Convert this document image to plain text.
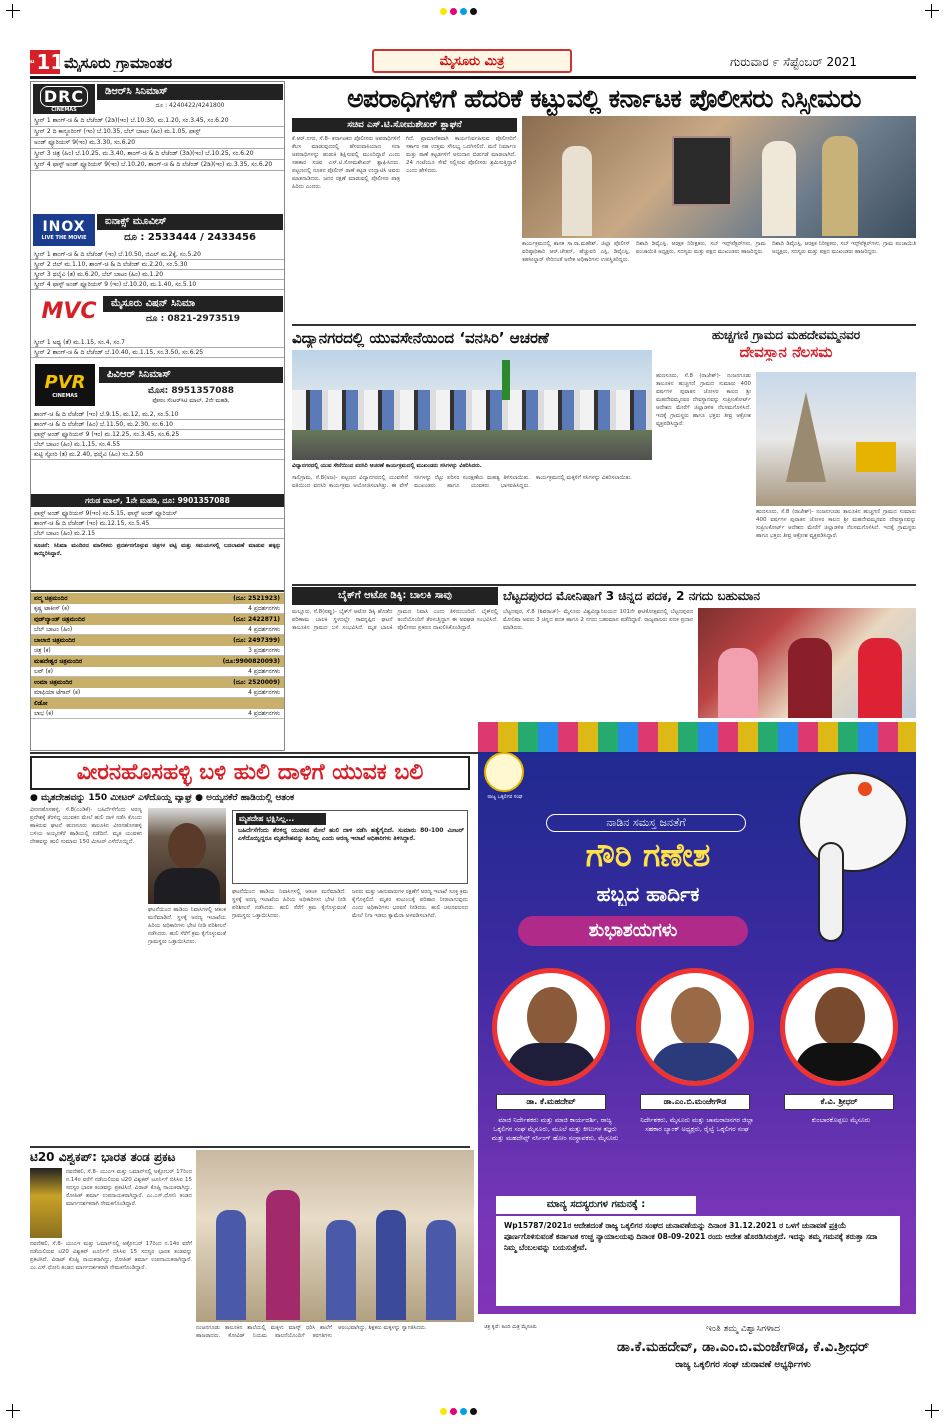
ಪುಟ 11 ಮೈಸೂರು ಗ್ರಾಮಾಂತರ	ಮೈಸೂರು ಮಿತ್ರ	ಗುರುವಾರ ೯ ಸೆಪ್ಟೆಂಬರ್ 2021
DRC
CINEMAS
ಡಿಆರ್‌ಸಿ ಸಿನಿಮಾಸ್
ದೂ : 4240422/4241800
ಸ್ಕ್ರೀನ್ 1 ಶಾಂಗ್-ಚಿ & ದಿ ಲೆಜೆಂಡ್ (2ಡಿ)(ಇಂ) ಬೆ.10.30, ಮ.1.20, ಸಂ.3.45, ಸಂ.6.20
ಸ್ಕ್ರೀನ್ 2 ದಿ ಕಾನ್ಜೂರಿಂಗ್ (ಇಂ) ಬೆ.10.35, ಬೆಲ್ ಬಾಟಂ (ಹಿಂ) ಮ.1.05, ಫಾಸ್ಟ್
ಅಂಡ್ ಫ್ಯೂರಿಯಸ್ 9(ಇಂ) ಮ.3.30, ಸಂ.6.20
ಸ್ಕ್ರೀನ್ 3 ಚಿತ್ರ (ಹಿಂ) ಬೆ.10.25, ಮ.3.40, ಶಾಂಗ್-ಚಿ & ದಿ ಲೆಜೆಂಡ್ (3ಡಿ)(ಇಂ) ಬೆ.10.25, ಸಂ.6.20
ಸ್ಕ್ರೀನ್ 4 ಫಾಸ್ಟ್ ಅಂಡ್ ಫ್ಯೂರಿಯಸ್ 9(ಇಂ) ಬೆ.10.20, ಶಾಂಗ್-ಚಿ & ದಿ ಲೆಜೆಂಡ್ (2ಡಿ)(ಇಂ) ಮ.3.35, ಸಂ.6.20
INOX
LIVE THE MOVIE
ಐನಾಕ್ಸ್ ಮೂವೀಸ್
ದೂ : 2533444 / 2433456
ಸ್ಕ್ರೀನ್ 1 ಶಾಂಗ್-ಚಿ & ದಿ ಲೆಜೆಂಡ್ (ಇಂ) ಬೆ.10.50, ಜಿಎಲ್ ಮ.2ಕ್ಕೆ, ಸಂ.5.20
ಸ್ಕ್ರೀನ್ 2 ಜಿಲ್ ಮ.1.10, ಶಾಂಗ್-ಚಿ & ದಿ ಲೆಜೆಂಡ್ ಮ.2.20, ಸಂ.5.30
ಸ್ಕ್ರೀನ್ 3 ಥಲೈವಿ (ತ) ಮ.6.20, ಬೆಲ್ ಬಾಟಂ (ಹಿಂ) ಮ.1.20
ಸ್ಕ್ರೀನ್ 4 ಫಾಸ್ಟ್ ಅಂಡ್ ಫ್ಯೂರಿಯಸ್ 9 (ಇಂ) ಬೆ.10.20, ಮ.1.40, ಸಂ.5.10
MVC	ಮೈಸೂರು ವಿಷನ್ ಸಿನಿಮಾ
ದೂ : 0821-2973519
ಸ್ಕ್ರೀನ್ 1 ಅಧ್ಯ (ತೆ) ಮ.1.15, ಸಂ.4, ಸಂ.7
ಸ್ಕ್ರೀನ್ 2 ಶಾಂಗ್-ಚಿ & ದಿ ಲೆಜೆಂಡ್ ಬೆ.10.40, ಮ.1.15, ಸಂ.3.50, ಸಂ.6.25
PVR
CINEMAS
ಪಿವಿಆರ್ ಸಿನಿಮಾಸ್
ಮೊಸ: 8951357088
ಫೋರಂ ಸೆಂಟರ್‌ಸಿಟಿ ಮಾಲ್, 2ನೇ ಮಹಡಿ,
ಶಾಂಗ್-ಚಿ & ದಿ ಲೆಜೆಂಡ್ (ಇಂ) ಬೆ.9.15, ಮ.12, ಮ.2, ಸಂ.5.10
ಶಾಂಗ್-ಚಿ & ದಿ ಲೆಜೆಂಡ್ (ಹಿಂ) ಬೆ.11.50, ಮ.2.30, ಸಂ.6.10
ಫಾಸ್ಟ್ ಅಂಡ್ ಫ್ಯೂರಿಯಸ್ 9 (ಇಂ) ಮ.12.25, ಸಂ.3.45, ಸಂ.6.25
ಬೆಲ್ ಬಾಟಂ (ಹಿಂ) ಮ.1.15, ಸಂ.4.55
ಕುಟ್ಟಿ ಸ್ಟೋರಿ (ತ) ಮ.2.40, ಥಲೈವಿ (ಹಿಂ) ಸಂ.2.50
ಗರುಡ ಮಾಲ್, 1ನೇ ಮಹಡಿ, ದೂ: 9901357088
ಫಾಸ್ಟ್ ಅಂಡ್ ಫ್ಯೂರಿಯಸ್ 9(ಇಂ) ಸಂ.5.15, ಫಾಸ್ಟ್ ಅಂಡ್ ಫ್ಯೂರಿಯಸ್
ಶಾಂಗ್-ಚಿ & ದಿ ಲೆಜೆಂಡ್ (ಇಂ) ಮ.12.15, ಸಂ.5.45
ಬೆಲ್ ಬಾಟಂ (ಹಿಂ) ಮ.2.15
ಸೂಚನೆ: ಸಿನಿಮಾ ಮಂದಿರದ ಮಾಲೀಕರು ಪ್ರದರ್ಶನಗೊಳ್ಳುವ ಚಿತ್ರಗಳ ಪಟ್ಟಿ ಮತ್ತು ಸಮಯಗಳಲ್ಲಿ ಬದಲಾವಣೆ ಮಾಡುವ ಹಕ್ಕನ್ನು ಕಾಯ್ದಿರಿಸಿದ್ದಾರೆ.
ಪದ್ಮ ಚಿತ್ರಮಂದಿರ	(ದೂ: 2521923)
ಕೃಷ್ಣ ಟಾಕೀಸ್ (ಕ)	4 ಪ್ರದರ್ಶನಗಳು
ವುಡ್‌ಲ್ಯಾಂಡ್ ಚಿತ್ರಮಂದಿರ	(ದೂ: 2422871)
ಬೆಲ್ ಬಾಟಂ (ಹಿಂ)	4 ಪ್ರದರ್ಶನಗಳು
ಬಾಲಾಜಿ ಚಿತ್ರಮಂದಿರ	(ದೂ: 2497399)
ಚಿತ್ರ (ಕ)	3 ಪ್ರದರ್ಶನಗಳು
ಮಹದೇಶ್ವರ ಚಿತ್ರಮಂದಿರ	(ದೂ:9900820093)
ಲವ್ (ಕ)	4 ಪ್ರದರ್ಶನಗಳು
ಉಮಾ ಚಿತ್ರಮಂದಿರ	(ದೂ: 2520009)
ಮಾಫಿಯಾ ಟೆಗಾನ್ (ಕ)	4 ಪ್ರದರ್ಶನಗಳು
ಲಿಡೋ
ಲಾಭ (ಕ)	4 ಪ್ರದರ್ಶನಗಳು
ಅಪರಾಧಿಗಳಿಗೆ ಹೆದರಿಕೆ ಕಟ್ಟುವಲ್ಲಿ ಕರ್ನಾಟಕ ಪೊಲೀಸರು ನಿಸ್ಸೀಮರು
ಸಚಿವ ಎಸ್.ಟಿ.ಸೋಮಶೇಖರ್ ಶ್ಲಾಘನೆ
ಕೆ.ಆರ್.ನಗರ, ಸೆ.8- ಕರ್ನಾಟಕದ ಪೊಲೀಸರು ಅಪರಾಧಿಗಳಿಗೆ ಕೆಲಸ ಮಾಡುವುದರಲ್ಲಿ ಹೆಸರುವಾಸಿಯಾದ ಸದಾ ಅಪರಾಧಿಗಳನ್ನು ಹುಡುಕಿ ಶಿಕ್ಷಿಸುವಲ್ಲಿ ಮುಂದಿದ್ದಾರೆ ಎಂದು ಸಹಕಾರ ಸಚಿವ ಎಸ್.ಟಿ.ಸೋಮಶೇಖರ್ ಶ್ಲಾಘಿಸಿದರು. ಪಟ್ಟಣದಲ್ಲಿ ನೂತನ ಪೊಲೀಸ್ ಠಾಣೆ ಕಟ್ಟಡ ಉದ್ಘಾಟಿಸಿ ಅವರು ಮಾತನಾಡಿದರು. ಜನರ ರಕ್ಷಣೆ ಮಾಡುವಲ್ಲಿ ಪೊಲೀಸರ ಪಾತ್ರ ಹಿರಿದು ಎಂದರು.
ಗಿದೆ. ಪ್ರಾಮಾಣಿಕವಾಗಿ ಕಾರ್ಯನಿರ್ವಹಿಸುವ ಪೊಲೀಸರಿಗೆ ಸರ್ಕಾರ ಸಹ ಉತ್ತಮ ಸೌಲಭ್ಯ ಒದಗಿಸಲಿದೆ. ಮನೆ ನಿರ್ಮಾಣ ಮತ್ತು ಠಾಣೆ ಕಟ್ಟಡಗಳಿಗೆ ಅನುದಾನ ಬಿಡುಗಡೆ ಮಾಡಲಾಗಿದೆ. 24 ಗಂಟೆಯೂ ಸೇವೆ ಸಲ್ಲಿಸುವ ಪೊಲೀಸರು ಶ್ರಮಿಸುತ್ತಿದ್ದಾರೆ ಎಂದು ಹೇಳಿದರು.
ಕಾರ್ಯಕ್ರಮದಲ್ಲಿ ಶಾಸಕ ಸಾ.ರಾ.ಮಹೇಶ್, ಜಿಲ್ಲಾ ಪೊಲೀಸ್ ವರಿಷ್ಠಾಧಿಕಾರಿ ಆರ್.ಚೇತನ್, ಹೆಚ್ಚುವರಿ ಎಸ್ಪಿ, ಡಿವೈಎಸ್ಪಿ, ತಹಸೀಲ್ದಾರ್ ಸೇರಿದಂತೆ ಅನೇಕ ಅಧಿಕಾರಿಗಳು ಉಪಸ್ಥಿತರಿದ್ದರು.
ದಿಶಾದಿ ಡಿವೈಎಸ್ಪಿ, ಆರಕ್ಷಕ ನಿರೀಕ್ಷಕರು, ಸಬ್ ಇನ್ಸ್‌ಪೆಕ್ಟರ್‌ಗಳು, ಗ್ರಾಮ ಪಂಚಾಯಿತಿ ಅಧ್ಯಕ್ಷರು, ಸದಸ್ಯರು ಮತ್ತು ಪಕ್ಷದ ಮುಖಂಡರು ಹಾಜರಿದ್ದರು.
ದಿಶಾದಿ ಡಿವೈಎಸ್ಪಿ, ಆರಕ್ಷಕ ನಿರೀಕ್ಷಕರು, ಸಬ್ ಇನ್ಸ್‌ಪೆಕ್ಟರ್‌ಗಳು, ಗ್ರಾಮ ಪಂಚಾಯಿತಿ ಅಧ್ಯಕ್ಷರು, ಸದಸ್ಯರು ಮತ್ತು ಪಕ್ಷದ ಮುಖಂಡರು ಹಾಜರಿದ್ದರು.
ವಿದ್ಯಾನಗರದಲ್ಲಿ ಯುವಸೇನೆಯಿಂದ ‘ವನಸಿರಿ’ ಆಚರಣೆ
ವಿದ್ಯಾನಗರದಲ್ಲಿ ಯುವ ಸೇನೆಯಿಂದ ವನಸಿರಿ ಆಚರಣೆ ಕಾರ್ಯಕ್ರಮದಲ್ಲಿ ಮುಖಂಡರು ಸಸಿಗಳನ್ನು ವಿತರಿಸಿದರು.
ಸಾಲಿಗ್ರಾಮ, ಸೆ.8(ಅಜ)- ಪಟ್ಟಣದ ವಿದ್ಯಾನಗರದಲ್ಲಿ ಯುವಸೇನೆ ವತಿಯಿಂದ ವನಸಿರಿ ಕಾರ್ಯಕ್ರಮ ಆಯೋಜಿಸಲಾಗಿತ್ತು. ಈ ವೇಳೆ ಸಸಿಗಳನ್ನು ನೆಟ್ಟು ಪರಿಸರ ಸಂರಕ್ಷಣೆಯ ಮಹತ್ವ ತಿಳಿಸಲಾಯಿತು. ಮುಖಂಡರು ಹಾಗೂ ಯುವಕರು ಭಾಗವಹಿಸಿದ್ದರು. ಕಾರ್ಯಕ್ರಮದಲ್ಲಿ ಮಕ್ಕಳಿಗೆ ಸಸಿಗಳನ್ನು ವಿತರಿಸಲಾಯಿತು.
ಹುಚ್ಚಗಣಿ ಗ್ರಾಮದ ಮಹದೇವಮ್ಮನವರ
ದೇವಸ್ಥಾನ ನೆಲಸಮ
ಹುಣಸೂರು, ಸೆ.8 (ರಾಜೇಶ್)- ನಂಜನಗೂಡು ತಾಲೂಕಿನ ಹುಚ್ಚಗಣಿ ಗ್ರಾಮದ ಸುಮಾರು 400 ವರ್ಷಗಳ ಪುರಾತನ ಚೋಳರ ಕಾಲದ ಶ್ರೀ ಮಹದೇವಮ್ಮನವರ ದೇವಸ್ಥಾನವನ್ನು ಸುಪ್ರೀಂಕೋರ್ಟ್ ಆದೇಶದ ಮೇರೆಗೆ ಜಿಲ್ಲಾಡಳಿತ ನೆಲಸಮಗೊಳಿಸಿದೆ. ಇದಕ್ಕೆ ಗ್ರಾಮಸ್ಥರು ಹಾಗೂ ಭಕ್ತರು ತೀವ್ರ ಆಕ್ರೋಶ ವ್ಯಕ್ತಪಡಿಸಿದ್ದಾರೆ.
ಹುಣಸೂರು, ಸೆ.8 (ರಾಜೇಶ್)- ನಂಜನಗೂಡು ತಾಲೂಕಿನ ಹುಚ್ಚಗಣಿ ಗ್ರಾಮದ ಸುಮಾರು 400 ವರ್ಷಗಳ ಪುರಾತನ ಚೋಳರ ಕಾಲದ ಶ್ರೀ ಮಹದೇವಮ್ಮನವರ ದೇವಸ್ಥಾನವನ್ನು ಸುಪ್ರೀಂಕೋರ್ಟ್ ಆದೇಶದ ಮೇರೆಗೆ ಜಿಲ್ಲಾಡಳಿತ ನೆಲಸಮಗೊಳಿಸಿದೆ. ಇದಕ್ಕೆ ಗ್ರಾಮಸ್ಥರು ಹಾಗೂ ಭಕ್ತರು ತೀವ್ರ ಆಕ್ರೋಶ ವ್ಯಕ್ತಪಡಿಸಿದ್ದಾರೆ.
ಬೈಕ್‌ಗೆ ಆಟೋ ಡಿಕ್ಕಿ: ಬಾಲಕಿ ಸಾವು
ಮಲ್ಲೂರು, ಸೆ.8(ಪಪ್ಪು)- ಬೈಕ್‌ಗೆ ಆಟೋ ಡಿಕ್ಕಿ ಹೊಡೆದ ಪರಿಣಾಮ ಬಾಲಕಿ ಸ್ಥಳದಲ್ಲೇ ಸಾವನ್ನಪ್ಪಿದ ಘಟನೆ ತಾಲೂಕಿನ ಗ್ರಾಮದ ಬಳಿ ಸಂಭವಿಸಿದೆ. ಮೃತ ಬಾಲಕಿ ಗ್ರಾಮದ ನಿವಾಸಿ ಎಂದು ತಿಳಿದುಬಂದಿದೆ. ಬೈಕ್‌ನಲ್ಲಿ ತಂದೆಯೊಂದಿಗೆ ತೆರಳುತ್ತಿದ್ದಾಗ ಈ ಅವಘಡ ಸಂಭವಿಸಿದೆ. ಪೊಲೀಸರು ಪ್ರಕರಣ ದಾಖಲಿಸಿಕೊಂಡಿದ್ದಾರೆ.
ಬೆಟ್ಟದಪುರದ ಮೋನಿಷಾಗೆ 3 ಚಿನ್ನದ ಪದಕ, 2 ನಗದು ಬಹುಮಾನ
ಬೆಟ್ಟದಪುರ, ಸೆ.8 (ಶಿವರಾಜ್)- ಮೈಸೂರು ವಿಶ್ವವಿದ್ಯಾನಿಲಯದ 101ನೇ ಘಟಿಕೋತ್ಸವದಲ್ಲಿ ಬೆಟ್ಟದಪುರದ ಮೋನಿಷಾ ಅವರು 3 ಚಿನ್ನದ ಪದಕ ಹಾಗೂ 2 ನಗದು ಬಹುಮಾನ ಪಡೆದಿದ್ದಾರೆ. ರಾಜ್ಯಪಾಲರು ಪದಕ ಪ್ರದಾನ ಮಾಡಿದರು.
ವೀರನಹೊಸಹಳ್ಳಿ ಬಳಿ ಹುಲಿ ದಾಳಿಗೆ ಯುವಕ ಬಲಿ
● ಮೃತದೇಹವನ್ನು 150 ಮೀಟರ್ ಎಳೆದೊಯ್ದ ವ್ಯಾಘ್ರ ● ಅಯ್ಯನಕೆರೆ ಹಾಡಿಯಲ್ಲಿ ಆತಂಕ
ವೀರನಹೊಸಹಳ್ಳಿ, ಸೆ.8(ಎಂಡಿಕೆ)- ಬಹಿರ್ದೆಸೆಗೆಂದು ಅರಣ್ಯ ಪ್ರದೇಶಕ್ಕೆ ತೆರಳಿದ್ದ ಯುವಕನ ಮೇಲೆ ಹುಲಿ ದಾಳಿ ನಡೆಸಿ ಕೊಂದು ಹಾಕಿರುವ ಘಟನೆ ಹುಣಸೂರು ತಾಲೂಕಿನ ವೀರನಹೊಸಹಳ್ಳಿ ಬಳಿಯ ಅಯ್ಯನಕೆರೆ ಹಾಡಿಯಲ್ಲಿ ನಡೆದಿದೆ. ಮೃತ ಯುವಕನ ದೇಹವನ್ನು ಹುಲಿ ಸುಮಾರು 150 ಮೀಟರ್ ಎಳೆದೊಯ್ದಿದೆ.
ಘಟನೆಯಿಂದ ಹಾಡಿಯ ನಿವಾಸಿಗಳಲ್ಲಿ ಆತಂಕ ಮನೆಮಾಡಿದೆ. ಸ್ಥಳಕ್ಕೆ ಅರಣ್ಯ ಇಲಾಖೆಯ ಹಿರಿಯ ಅಧಿಕಾರಿಗಳು ಭೇಟಿ ನೀಡಿ ಪರಿಶೀಲನೆ ನಡೆಸಿದರು. ಹುಲಿ ಸೆರೆಗೆ ಕ್ರಮ ಕೈಗೊಳ್ಳುವಂತೆ ಗ್ರಾಮಸ್ಥರು ಒತ್ತಾಯಿಸಿದರು.
ಮೃತದೇಹ ಭಕ್ಷಿಸಿಲ್ಲ...
ಬಹಿರ್ದೆಸೆಗೆಂದು ತೆರಳಿದ್ದ ಯುವಕನ ಮೇಲೆ ಹುಲಿ ದಾಳಿ ನಡೆಸಿ ಹತ್ಯೆಗೈದಿದೆ. ಸುಮಾರು 80-100 ಮೀಟರ್ ಎಳೆದೊಯ್ದಿದ್ದರೂ ಮೃತದೇಹವನ್ನು ತಿಂದಿಲ್ಲ ಎಂದು ಅರಣ್ಯ ಇಲಾಖೆ ಅಧಿಕಾರಿಗಳು ತಿಳಿಸಿದ್ದಾರೆ.
ಘಟನೆಯಿಂದ ಹಾಡಿಯ ನಿವಾಸಿಗಳಲ್ಲಿ ಆತಂಕ ಮನೆಮಾಡಿದೆ. ಸ್ಥಳಕ್ಕೆ ಅರಣ್ಯ ಇಲಾಖೆಯ ಹಿರಿಯ ಅಧಿಕಾರಿಗಳು ಭೇಟಿ ನೀಡಿ ಪರಿಶೀಲನೆ ನಡೆಸಿದರು. ಹುಲಿ ಸೆರೆಗೆ ಕ್ರಮ ಕೈಗೊಳ್ಳುವಂತೆ ಗ್ರಾಮಸ್ಥರು ಒತ್ತಾಯಿಸಿದರು.
ಜನರು ಮತ್ತು ಜಾನುವಾರುಗಳ ರಕ್ಷಣೆಗೆ ಅರಣ್ಯ ಇಲಾಖೆ ಸೂಕ್ತ ಕ್ರಮ ಕೈಗೊಳ್ಳಲಿದೆ. ಮೃತರ ಕುಟುಂಬಕ್ಕೆ ಪರಿಹಾರ ನೀಡಲಾಗುವುದು ಎಂದು ಅಧಿಕಾರಿಗಳು ಭರವಸೆ ನೀಡಿದರು. ಹುಲಿ ಚಲನವಲನದ ಮೇಲೆ ನಿಗಾ ಇಡಲು ಕ್ಯಾಮೆರಾ ಅಳವಡಿಸಲಾಗಿದೆ.
ಟಿ20 ವಿಶ್ವಕಪ್: ಭಾರತ ತಂಡ ಪ್ರಕಟ
ನವದೆಹಲಿ, ಸೆ.8- ಯುಎಇ ಮತ್ತು ಒಮಾನ್‌ನಲ್ಲಿ ಅಕ್ಟೋಬರ್ 17ರಿಂದ ನ.14ರ ವರೆಗೆ ನಡೆಯಲಿರುವ ಟಿ20 ವಿಶ್ವಕಪ್ ಟೂರ್ನಿಗೆ ಬಿಸಿಸಿಐ 15 ಸದಸ್ಯರ ಭಾರತ ತಂಡವನ್ನು ಪ್ರಕಟಿಸಿದೆ. ವಿರಾಟ್ ಕೊಹ್ಲಿ ನಾಯಕರಾಗಿದ್ದು, ರೋಹಿತ್ ಶರ್ಮಾ ಉಪನಾಯಕರಾಗಿದ್ದಾರೆ. ಎಂ.ಎಸ್.ಧೋನಿ ತಂಡದ ಮಾರ್ಗದರ್ಶಕರಾಗಿ ನೇಮಕಗೊಂಡಿದ್ದಾರೆ.
ನವದೆಹಲಿ, ಸೆ.8- ಯುಎಇ ಮತ್ತು ಒಮಾನ್‌ನಲ್ಲಿ ಅಕ್ಟೋಬರ್ 17ರಿಂದ ನ.14ರ ವರೆಗೆ ನಡೆಯಲಿರುವ ಟಿ20 ವಿಶ್ವಕಪ್ ಟೂರ್ನಿಗೆ ಬಿಸಿಸಿಐ 15 ಸದಸ್ಯರ ಭಾರತ ತಂಡವನ್ನು ಪ್ರಕಟಿಸಿದೆ. ವಿರಾಟ್ ಕೊಹ್ಲಿ ನಾಯಕರಾಗಿದ್ದು, ರೋಹಿತ್ ಶರ್ಮಾ ಉಪನಾಯಕರಾಗಿದ್ದಾರೆ. ಎಂ.ಎಸ್.ಧೋನಿ ತಂಡದ ಮಾರ್ಗದರ್ಶಕರಾಗಿ ನೇಮಕಗೊಂಡಿದ್ದಾರೆ.
ನಂಜನಗೂಡು ತಾಲೂಕಿನ ಶಾಲೆಯಲ್ಲಿ ಮಕ್ಕಳು ಮಾಸ್ಕ್ ಧರಿಸಿ ಶಾಲೆಗೆ ಹಾಜರಾದರು. ಕೋವಿಡ್ ನಿಯಮ ಪಾಲನೆಯೊಂದಿಗೆ ತರಗತಿಗಳು ಆರಂಭವಾಗಿದ್ದು, ಶಿಕ್ಷಕರು ಮಕ್ಕಳನ್ನು ಸ್ವಾಗತಿಸಿದರು.
ರಾಜ್ಯ ಒಕ್ಕಲಿಗರ ಸಂಘ
ನಾಡಿನ ಸಮಸ್ತ ಜನತೆಗೆ
ಗೌರಿ ಗಣೇಶ
ಹಬ್ಬದ ಹಾರ್ದಿಕ
ಶುಭಾಶಯಗಳು
ಡಾ. ಕೆ.ಮಹದೇವ್	ಡಾ.ಎಂ.ಬಿ.ಮಂಜೇಗೌಡ	ಕೆ.ವಿ. ಶ್ರೀಧರ್
ಮಾಜಿ ನಿರ್ದೇಶಕರು ಮತ್ತು ಮಾಜಿ ಕಾರ್ಯದರ್ಶಿ, ರಾಜ್ಯ ಒಕ್ಕಲಿಗರ ಸಂಘ ಮೈಸೂರು, ಮೂಲೆ ಮತ್ತು ಕೀಲುಗಳ ತಜ್ಞರು ಮತ್ತು ಮಹದೇವ್ಸ್ ನರ್ಸಿಂಗ್ ಹೋಂ ಸಂಸ್ಥಾಪಕರು, ಮೈಸೂರು
ನಿರ್ದೇಶಕರು, ಮೈಸೂರು ಮತ್ತು ಚಾಮರಾಜನಗರ ಜಿಲ್ಲಾ ಸಹಕಾರ ಬ್ಯಾಂಕ್ ಅಧ್ಯಕ್ಷರು, ರೈಲ್ವೆ ಒಕ್ಕಲಿಗರ ಸಂಘ
ಕುಂಬಾರಕೊಪ್ಪಲು ಮೈಸೂರು
ಮಾನ್ಯ ಸದಸ್ಯರುಗಳ ಗಮನಕ್ಕೆ :
Wp15787/2021ರ ಆದೇಶದಂತೆ ರಾಜ್ಯ ಒಕ್ಕಲಿಗರ ಸಂಘದ ಚುನಾವಣೆಯನ್ನು ದಿನಾಂಕ 31.12.2021 ರ ಒಳಗೆ ಚುನಾವಣೆ ಪ್ರಕ್ರಿಯೆ ಪೂರ್ಣಗೊಳಿಸುವಂತೆ ಕರ್ನಾಟಕ ಉಚ್ಚ ನ್ಯಾಯಾಲಯವು ದಿನಾಂಕ 08-09-2021 ರಂದು ಆದೇಶ ಹೊರಡಿಸಿರುತ್ತದೆ. ಇದನ್ನು ತಮ್ಮ ಗಮನಕ್ಕೆ ತರುತ್ತಾ ಸದಾ ನಿಮ್ಮ ಬೆಂಬಲವನ್ನು ಬಯಸುತ್ತೇವೆ.
ಚಿತ್ರ ಕೃಪೆ: ಹಿಂದಿ ಮಿತ್ರ ಮೈಸೂರು	ಇಂತಿ ತಮ್ಮ ವಿಶ್ವಾಸಿಗಳಾದ
ಡಾ.ಕೆ.ಮಹದೇವ್, ಡಾ.ಎಂ.ಬಿ.ಮಂಜೇಗೌಡ, ಕೆ.ವಿ.ಶ್ರೀಧರ್
ರಾಜ್ಯ ಒಕ್ಕಲಿಗರ ಸಂಘ ಚುನಾವಣೆ ಅಭ್ಯರ್ಥಿಗಳು
